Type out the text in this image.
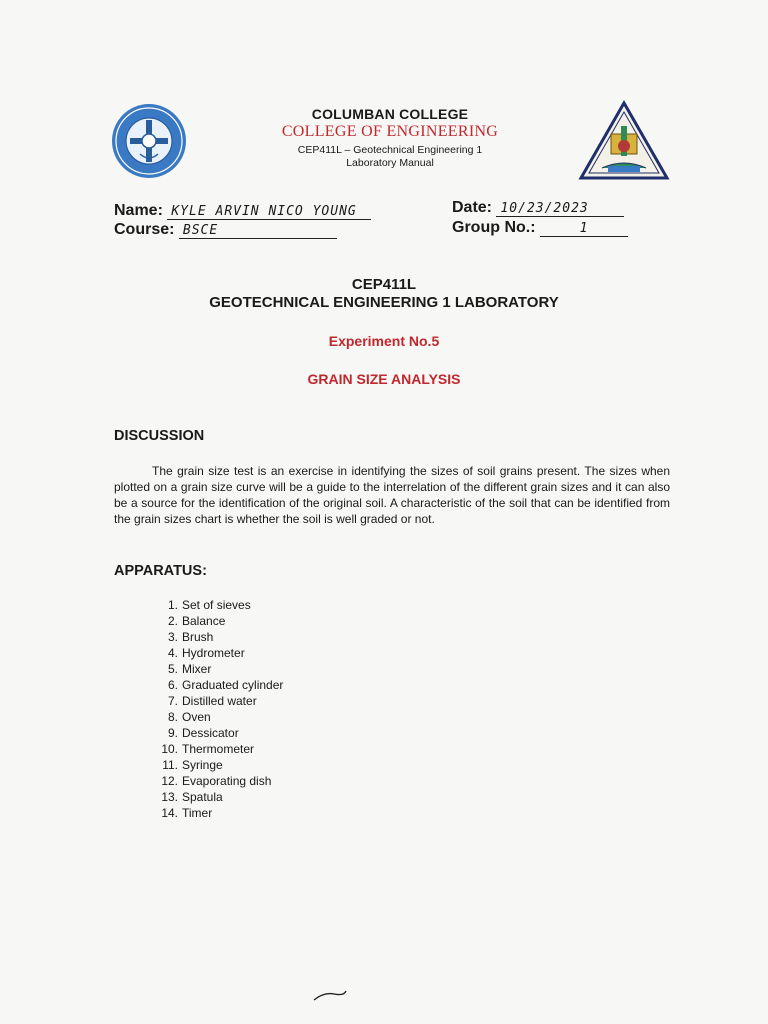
COLUMBAN COLLEGE
COLLEGE OF ENGINEERING
CEP411L – Geotechnical Engineering 1
Laboratory Manual
Name: KYLE ARVIN NICO YOUNG
Course: BSCE
Date: 10/23/2023
Group No.:	1
CEP411L
GEOTECHNICAL ENGINEERING 1 LABORATORY
Experiment No.5
GRAIN SIZE ANALYSIS
DISCUSSION
The grain size test is an exercise in identifying the sizes of soil grains present. The sizes when plotted on a grain size curve will be a guide to the interrelation of the different grain sizes and it can also be a source for the identification of the original soil. A characteristic of the soil that can be identified from the grain sizes chart is whether the soil is well graded or not.
APPARATUS:
1. Set of sieves
2. Balance
3. Brush
4. Hydrometer
5. Mixer
6. Graduated cylinder
7. Distilled water
8. Oven
9. Dessicator
10. Thermometer
11. Syringe
12. Evaporating dish
13. Spatula
14. Timer
